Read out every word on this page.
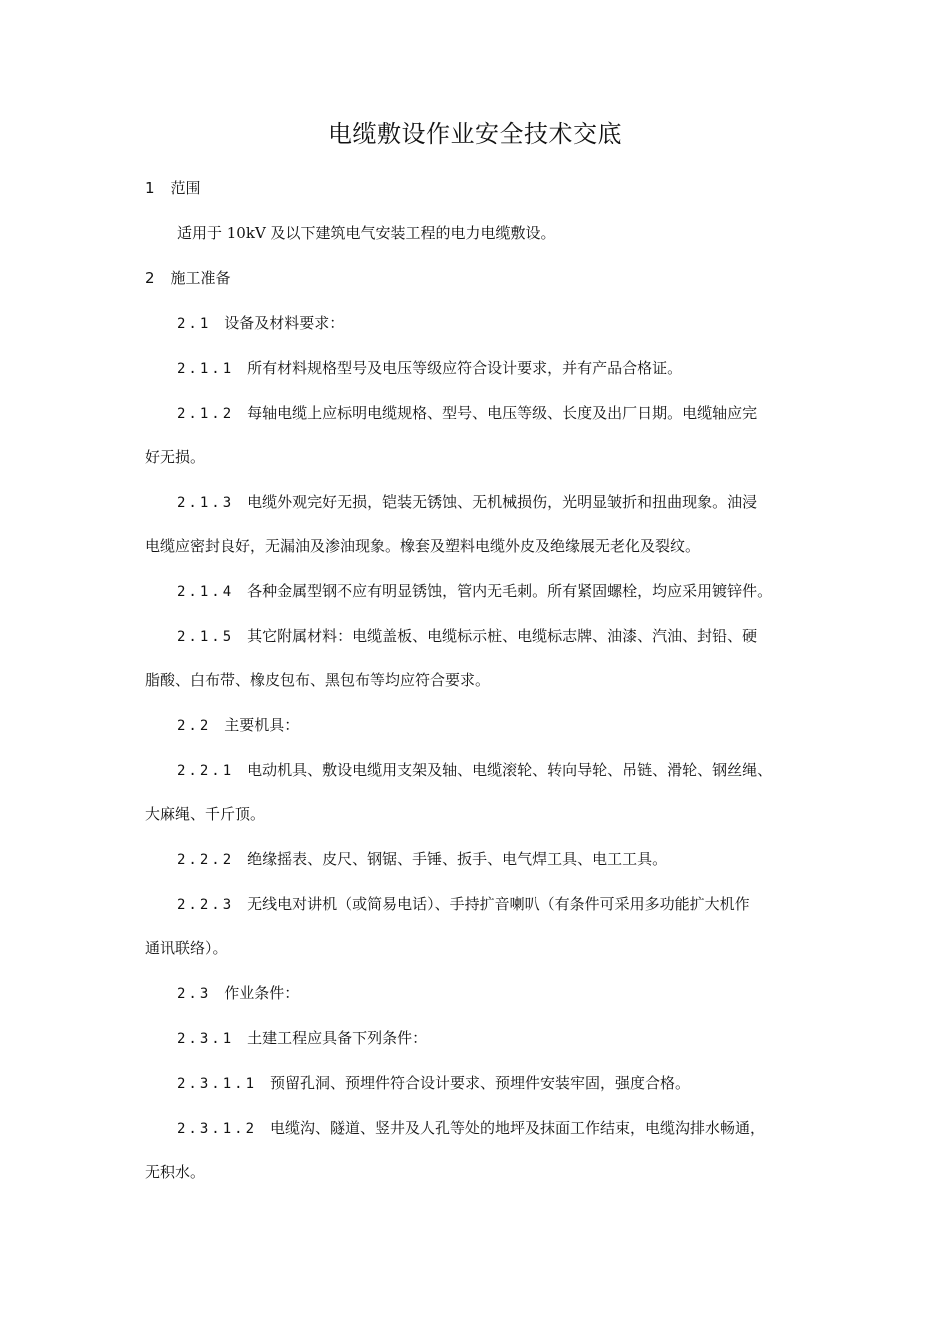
电缆敷设作业安全技术交底
1 范围
适用于 10kV 及以下建筑电气安装工程的电力电缆敷设。
2 施工准备
2.1 设备及材料要求：
2.1.1 所有材料规格型号及电压等级应符合设计要求，并有产品合格证。
2.1.2 每轴电缆上应标明电缆规格、型号、电压等级、长度及出厂日期。电缆轴应完
好无损。
2.1.3 电缆外观完好无损，铠装无锈蚀、无机械损伤，光明显皱折和扭曲现象。油浸
电缆应密封良好，无漏油及渗油现象。橡套及塑料电缆外皮及绝缘展无老化及裂纹。
2.1.4 各种金属型钢不应有明显锈蚀，管内无毛刺。所有紧固螺栓，均应采用镀锌件。
2.1.5 其它附属材料：电缆盖板、电缆标示桩、电缆标志牌、油漆、汽油、封铅、硬
脂酸、白布带、橡皮包布、黑包布等均应符合要求。
2.2 主要机具：
2.2.1 电动机具、敷设电缆用支架及轴、电缆滚轮、转向导轮、吊链、滑轮、钢丝绳、
大麻绳、千斤顶。
2.2.2 绝缘摇表、皮尺、钢锯、手锤、扳手、电气焊工具、电工工具。
2.2.3 无线电对讲机（或简易电话）、手持扩音喇叭（有条件可采用多功能扩大机作
通讯联络）。
2.3 作业条件：
2.3.1 土建工程应具备下列条件：
2.3.1.1 预留孔洞、预埋件符合设计要求、预埋件安装牢固，强度合格。
2.3.1.2 电缆沟、隧道、竖井及人孔等处的地坪及抹面工作结束，电缆沟排水畅通，
无积水。
